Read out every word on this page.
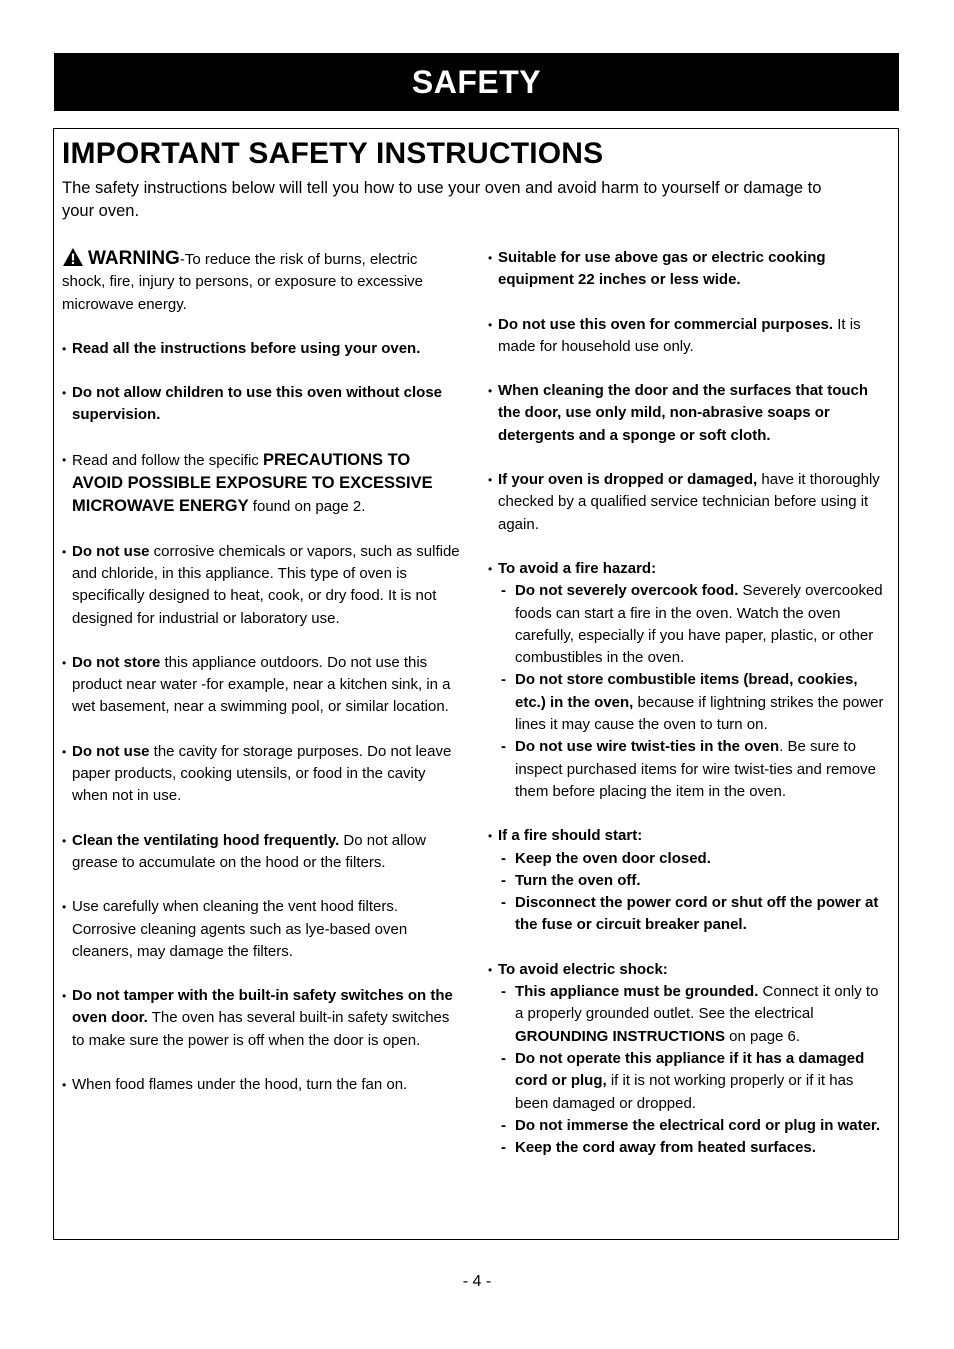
SAFETY
IMPORTANT SAFETY INSTRUCTIONS
The safety instructions below will tell you how to use your oven and avoid harm to yourself or damage to your oven.
WARNING-To reduce the risk of burns, electric shock, fire, injury to persons, or exposure to excessive microwave energy.
• Read all the instructions before using your oven.
• Do not allow children to use this oven without close supervision.
• Read and follow the specific PRECAUTIONS TO AVOID POSSIBLE EXPOSURE TO EXCESSIVE MICROWAVE ENERGY found on page 2.
• Do not use corrosive chemicals or vapors, such as sulfide and chloride, in this appliance. This type of oven is specifically designed to heat, cook, or dry food. It is not designed for industrial or laboratory use.
• Do not store this appliance outdoors. Do not use this product near water -for example, near a kitchen sink, in a wet basement, near a swimming pool, or similar location.
• Do not use the cavity for storage purposes. Do not leave paper products, cooking utensils, or food in the cavity when not in use.
• Clean the ventilating hood frequently. Do not allow grease to accumulate on the hood or the filters.
• Use carefully when cleaning the vent hood filters. Corrosive cleaning agents such as lye-based oven cleaners, may damage the filters.
• Do not tamper with the built-in safety switches on the oven door. The oven has several built-in safety switches to make sure the power is off when the door is open.
• When food flames under the hood, turn the fan on.
• Suitable for use above gas or electric cooking equipment 22 inches or less wide.
• Do not use this oven for commercial purposes. It is made for household use only.
• When cleaning the door and the surfaces that touch the door, use only mild, non-abrasive soaps or detergents and a sponge or soft cloth.
• If your oven is dropped or damaged, have it thoroughly checked by a qualified service technician before using it again.
• To avoid a fire hazard:
- Do not severely overcook food. Severely overcooked foods can start a fire in the oven. Watch the oven carefully, especially if you have paper, plastic, or other combustibles in the oven.
- Do not store combustible items (bread, cookies, etc.) in the oven, because if lightning strikes the power lines it may cause the oven to turn on.
- Do not use wire twist-ties in the oven. Be sure to inspect purchased items for wire twist-ties and remove them before placing the item in the oven.
• If a fire should start:
- Keep the oven door closed.
- Turn the oven off.
- Disconnect the power cord or shut off the power at the fuse or circuit breaker panel.
• To avoid electric shock:
- This appliance must be grounded. Connect it only to a properly grounded outlet. See the electrical GROUNDING INSTRUCTIONS on page 6.
- Do not operate this appliance if it has a damaged cord or plug, if it is not working properly or if it has been damaged or dropped.
- Do not immerse the electrical cord or plug in water.
- Keep the cord away from heated surfaces.
- 4 -
